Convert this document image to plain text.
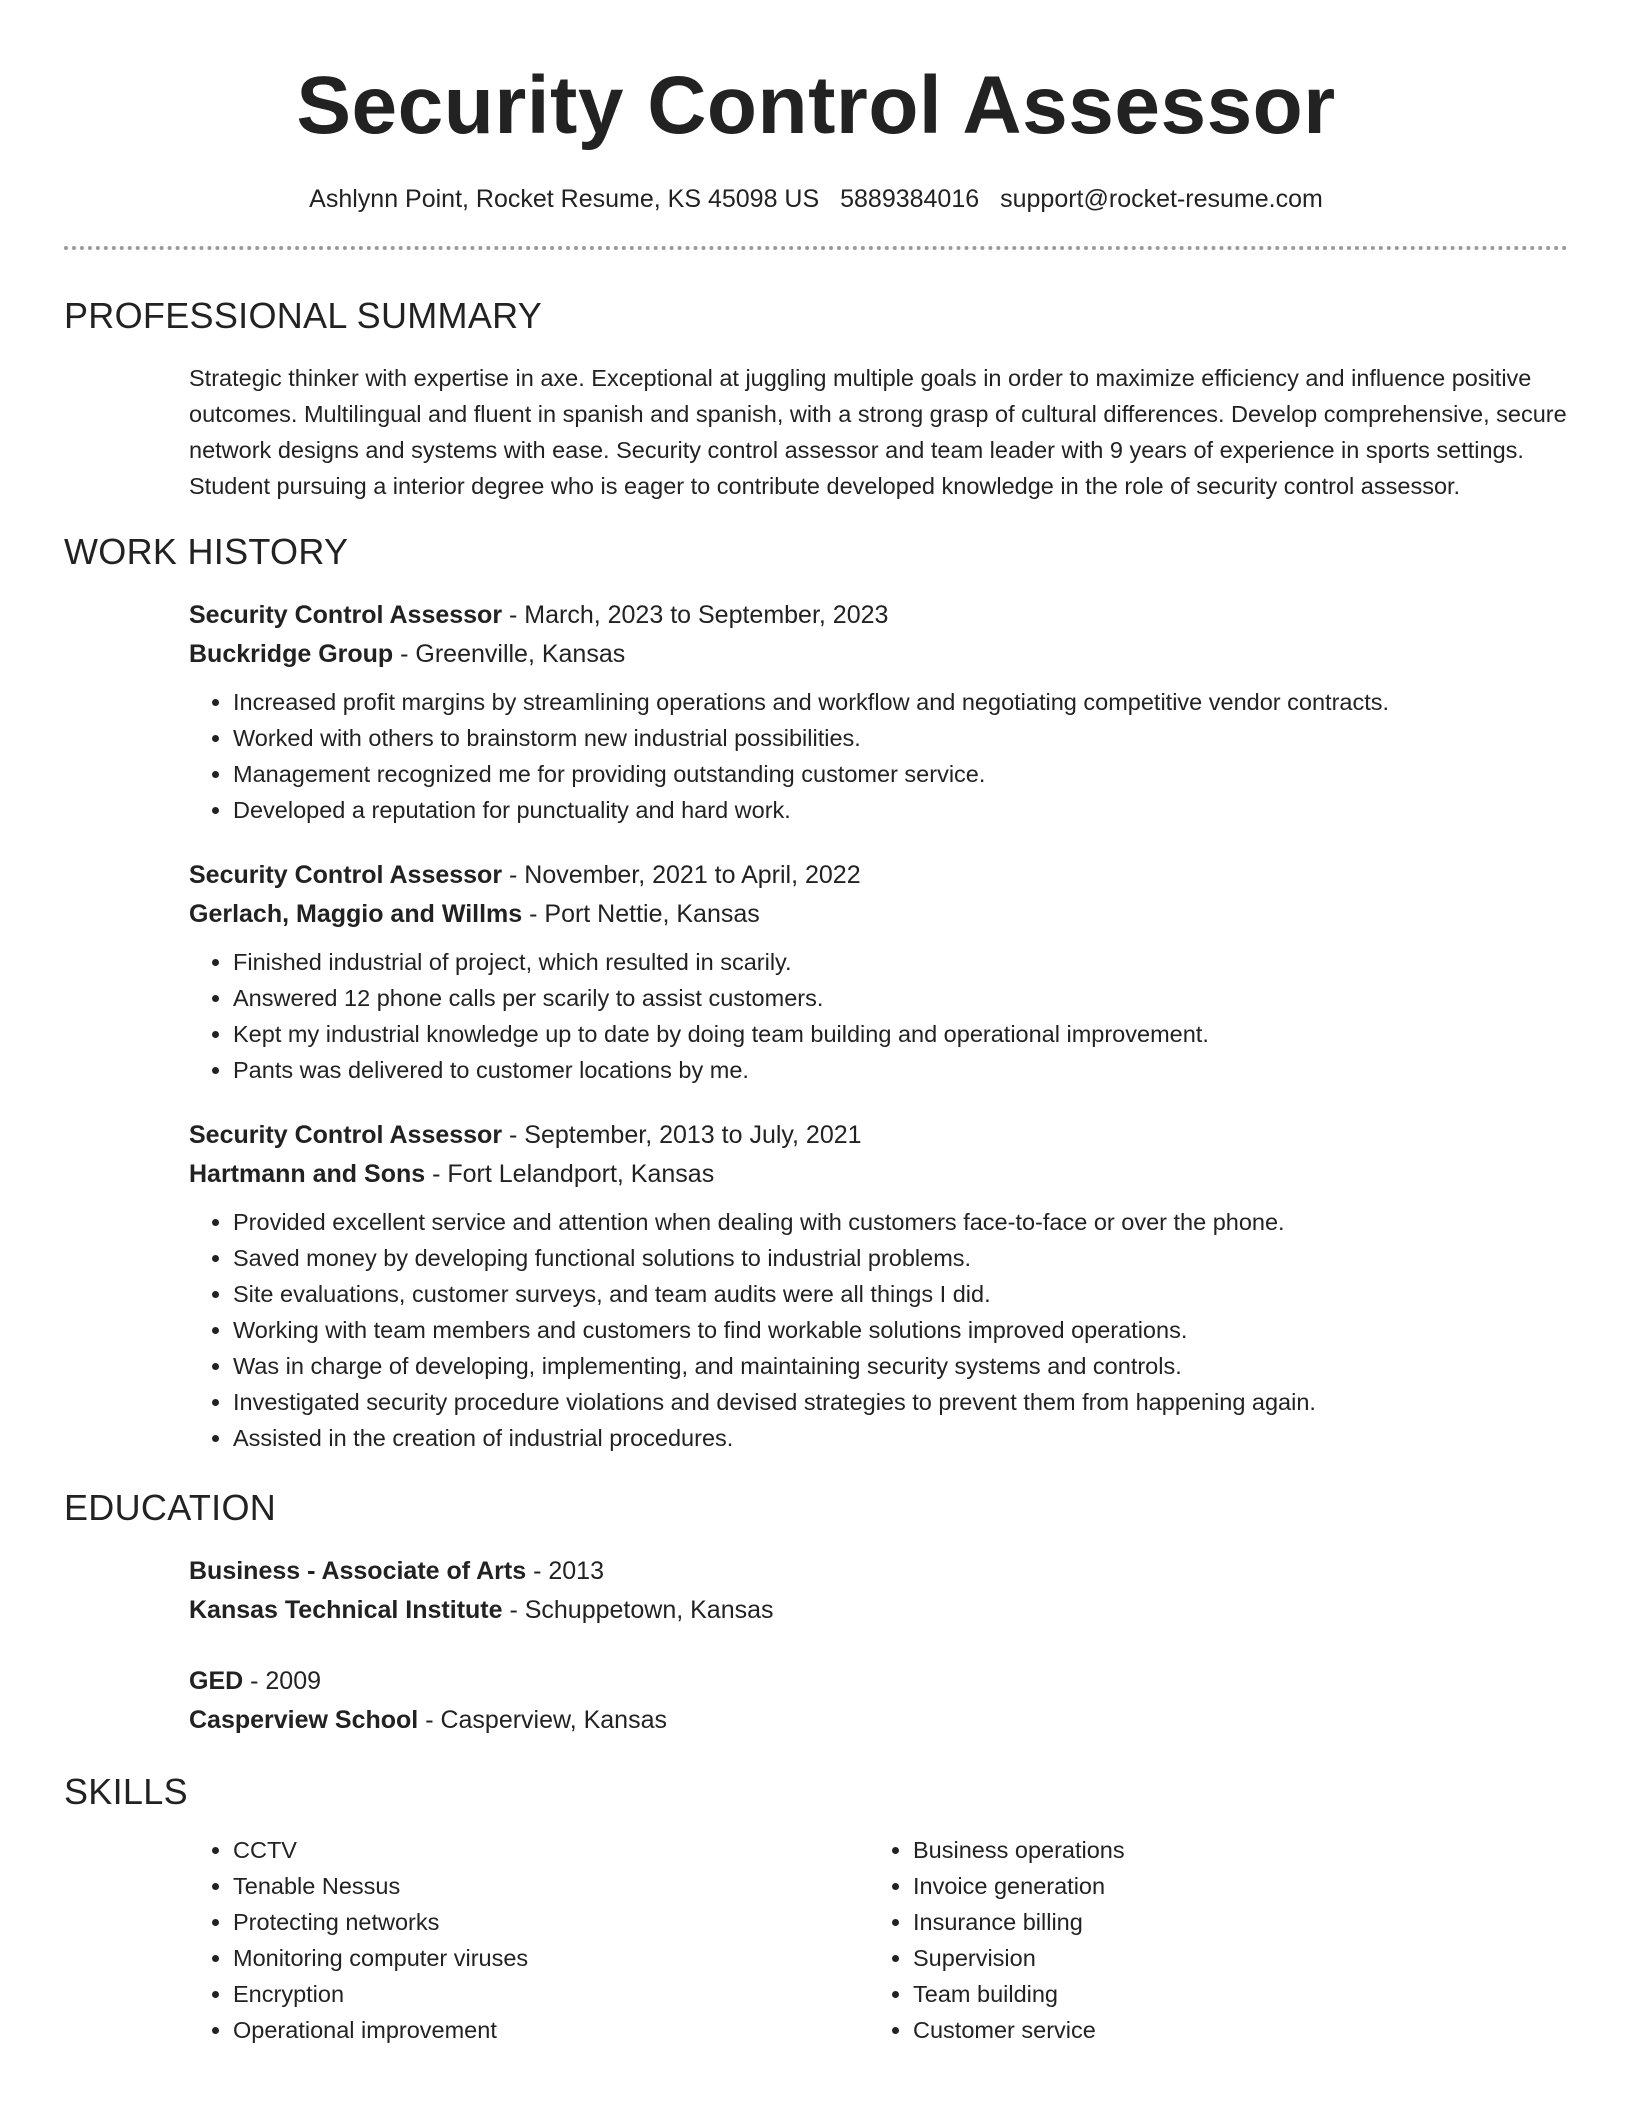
Security Control Assessor
Ashlynn Point, Rocket Resume, KS 45098 US 5889384016 support@rocket-resume.com
PROFESSIONAL SUMMARY
Strategic thinker with expertise in axe. Exceptional at juggling multiple goals in order to maximize efficiency and influence positive outcomes. Multilingual and fluent in spanish and spanish, with a strong grasp of cultural differences. Develop comprehensive, secure network designs and systems with ease. Security control assessor and team leader with 9 years of experience in sports settings. Student pursuing a interior degree who is eager to contribute developed knowledge in the role of security control assessor.
WORK HISTORY
Security Control Assessor - March, 2023 to September, 2023
Buckridge Group - Greenville, Kansas
• Increased profit margins by streamlining operations and workflow and negotiating competitive vendor contracts.
• Worked with others to brainstorm new industrial possibilities.
• Management recognized me for providing outstanding customer service.
• Developed a reputation for punctuality and hard work.
Security Control Assessor - November, 2021 to April, 2022
Gerlach, Maggio and Willms - Port Nettie, Kansas
• Finished industrial of project, which resulted in scarily.
• Answered 12 phone calls per scarily to assist customers.
• Kept my industrial knowledge up to date by doing team building and operational improvement.
• Pants was delivered to customer locations by me.
Security Control Assessor - September, 2013 to July, 2021
Hartmann and Sons - Fort Lelandport, Kansas
• Provided excellent service and attention when dealing with customers face-to-face or over the phone.
• Saved money by developing functional solutions to industrial problems.
• Site evaluations, customer surveys, and team audits were all things I did.
• Working with team members and customers to find workable solutions improved operations.
• Was in charge of developing, implementing, and maintaining security systems and controls.
• Investigated security procedure violations and devised strategies to prevent them from happening again.
• Assisted in the creation of industrial procedures.
EDUCATION
Business - Associate of Arts - 2013
Kansas Technical Institute - Schuppetown, Kansas
GED - 2009
Casperview School - Casperview, Kansas
SKILLS
• CCTV
• Tenable Nessus
• Protecting networks
• Monitoring computer viruses
• Encryption
• Operational improvement
• Business operations
• Invoice generation
• Insurance billing
• Supervision
• Team building
• Customer service
